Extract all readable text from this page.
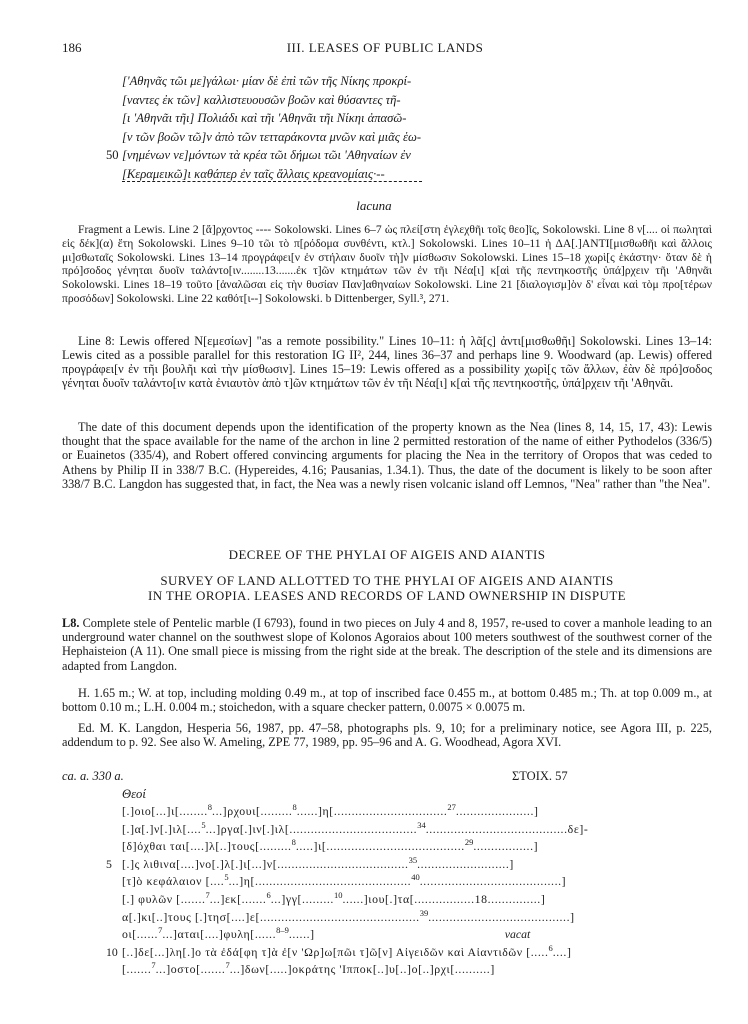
186	III. LEASES OF PUBLIC LANDS
['Αθηνᾶς τῶι με]γάλωι· μίαν δὲ ἐπὶ τῶν τῆς Νίκης προκρί-
[ναντες ἐκ τῶν] καλλιστευουσῶν βοῶν καὶ θύσαντες τῆ-
[ι 'Αθηνᾶι τῆι] Πολιάδι καὶ τῆι 'Αθηνᾶι τῆι Νίκηι ἀπασῶ-
[ν τῶν βοῶν τῶ]ν ἀπὸ τῶν τετταράκοντα μνῶν καὶ μιᾶς ἑω-
50 [νημένων νε]μόντων τὰ κρέα τῶι δήμωι τῶι 'Αθηναίων ἐν
[Κεραμεικῶ]ι καθάπερ ἐν ταῖς ἄλλαις κρεανομίαις·--
lacuna
Fragment a Lewis. Line 2 [ἄ]ρχοντος ---- Sokolowski. Lines 6–7 ὡς πλεί[στη ἐγλεχθῆι τοῖς θεο]ῖς, Sokolowski. Line 8 ν[.... οἱ πωληταὶ εἰς δέκ](α) ἔτη Sokolowski. Lines 9–10 τῶι τὸ π[ρόδομα συνθέντι, κτλ.] Sokolowski. Lines 10–11 ἡ ΔΑ[.]ΑΝΤΙ[μισθωθῆι καὶ ἄλλοις μι]σθωταῖς Sokolowski. Lines 13–14 προγράφει[ν ἐν στήλαιν δυοῖν τὴ]ν μίσθωσιν Sokolowski. Lines 15–18 χωρὶ[ς ἑκάστην· ὅταν δὲ ἡ πρό]σοδος γένηται δυοῖν ταλάντο[ιν........13.......ἐκ τ]ῶν κτημάτων τῶν ἐν τῆι Νέα[ι] κ[αὶ τῆς πεντηκοστῆς ὑπά]ρχειν τῆι 'Αθηνᾶι Sokolowski. Lines 18–19 τοῦτο [ἀναλῶσαι εἰς τὴν θυσίαν Παν]αθηναίων Sokolowski. Line 21 [διαλογισμ]ὸν δ' εἶναι καὶ τὸμ προ[τέρων προσόδων] Sokolowski. Line 22 καθότ[ι--] Sokolowski. b Dittenberger, Syll.³, 271.
Line 8: Lewis offered Ν[εμεσίων] "as a remote possibility." Lines 10–11: ἡ λᾶ[ς] ἀντι[μισθωθῆι] Sokolowski. Lines 13–14: Lewis cited as a possible parallel for this restoration IG II², 244, lines 36–37 and perhaps line 9. Woodward (ap. Lewis) offered προγράφει[ν ἐν τῆι βουλῆι καὶ τὴν μίσθωσιν]. Lines 15–19: Lewis offered as a possibility χωρὶ[ς τῶν ἄλλων, ἐὰν δὲ πρό]σοδος γένηται δυοῖν ταλάντο[ιν κατὰ ἐνιαυτὸν ἀπὸ τ]ῶν κτημάτων τῶν ἐν τῆι Νέα[ι] κ[αὶ τῆς πεντηκοστῆς, ὑπά]ρχειν τῆι 'Αθηνᾶι.
The date of this document depends upon the identification of the property known as the Nea (lines 8, 14, 15, 17, 43): Lewis thought that the space available for the name of the archon in line 2 permitted restoration of the name of either Pythodelos (336/5) or Euainetos (335/4), and Robert offered convincing arguments for placing the Nea in the territory of Oropos that was ceded to Athens by Philip II in 338/7 B.C. (Hypereides, 4.16; Pausanias, 1.34.1). Thus, the date of the document is likely to be soon after 338/7 B.C. Langdon has suggested that, in fact, the Nea was a newly risen volcanic island off Lemnos, "Nea" rather than "the Nea".
DECREE OF THE PHYLAI OF AIGEIS AND AIANTIS
SURVEY OF LAND ALLOTTED TO THE PHYLAI OF AIGEIS AND AIANTIS
IN THE OROPIA. LEASES AND RECORDS OF LAND OWNERSHIP IN DISPUTE
L8. Complete stele of Pentelic marble (I 6793), found in two pieces on July 4 and 8, 1957, re-used to cover a manhole leading to an underground water channel on the southwest slope of Kolonos Agoraios about 100 meters southwest of the southwest corner of the Hephaisteion (A 11). One small piece is missing from the right side at the break. The description of the stele and its dimensions are adapted from Langdon.
H. 1.65 m.; W. at top, including molding 0.49 m., at top of inscribed face 0.455 m., at bottom 0.485 m.; Th. at top 0.009 m., at bottom 0.10 m.; L.H. 0.004 m.; stoichedon, with a square checker pattern, 0.0075 × 0.0075 m.
Ed. M. K. Langdon, Hesperia 56, 1987, pp. 47–58, photographs pls. 9, 10; for a preliminary notice, see Agora III, p. 225, addendum to p. 92. See also W. Ameling, ZPE 77, 1989, pp. 95–96 and A. G. Woodhead, Agora XVI.
ca. a. 330 a.	ΣΤΟΙΧ. 57
Θεοί
[.]οιο[...]ι[........$^8$...]ρχουι[.........$^8$......]η[................................$^{27}$......................]
[.]α[.]ν[.]ιλ[....$^5$...]ργα[.]ιν[.]ιλ[....................................$^{34}$........................................δε]-
[δ]όχθαι ται[....]λ[..]τους[.........$^8$.....]ι[.......................................$^{29}$.................]
5 [.]ς λιθινα[....]νο[.]λ[.]ι[...]ν[.....................................$^{35}$..........................]
[τ]ὸ κεφάλαιον [....$^5$...]η[............................................$^{40}$........................................]
[.] φυλῶν [.......$^7$...]εκ[.......$^6$...]γγ[.........$^{10}$......]ιου[.]τα[.................18...............]
α[.]κι[..]τους [.]τησ[....]ε[.............................................$^{39}$........................................]
οι[......$^7$...]αται[....]φυλη[......$^{8-9}$......]	vacat
10 [..]δε[...]λη[.]ο τὰ ἐδά[φη τ]ὰ ἐ[ν 'Ωρ]ω[πῶι τ]ῶ[ν] Αἰγειδῶν καὶ Αἰαντιδῶν [.....$^6$....]
[.......$^7$...]οστο[.......$^7$...]δων[.....]οκράτης 'Ιπποκ[..]υ[..]ο[..]ρχι[..........]
